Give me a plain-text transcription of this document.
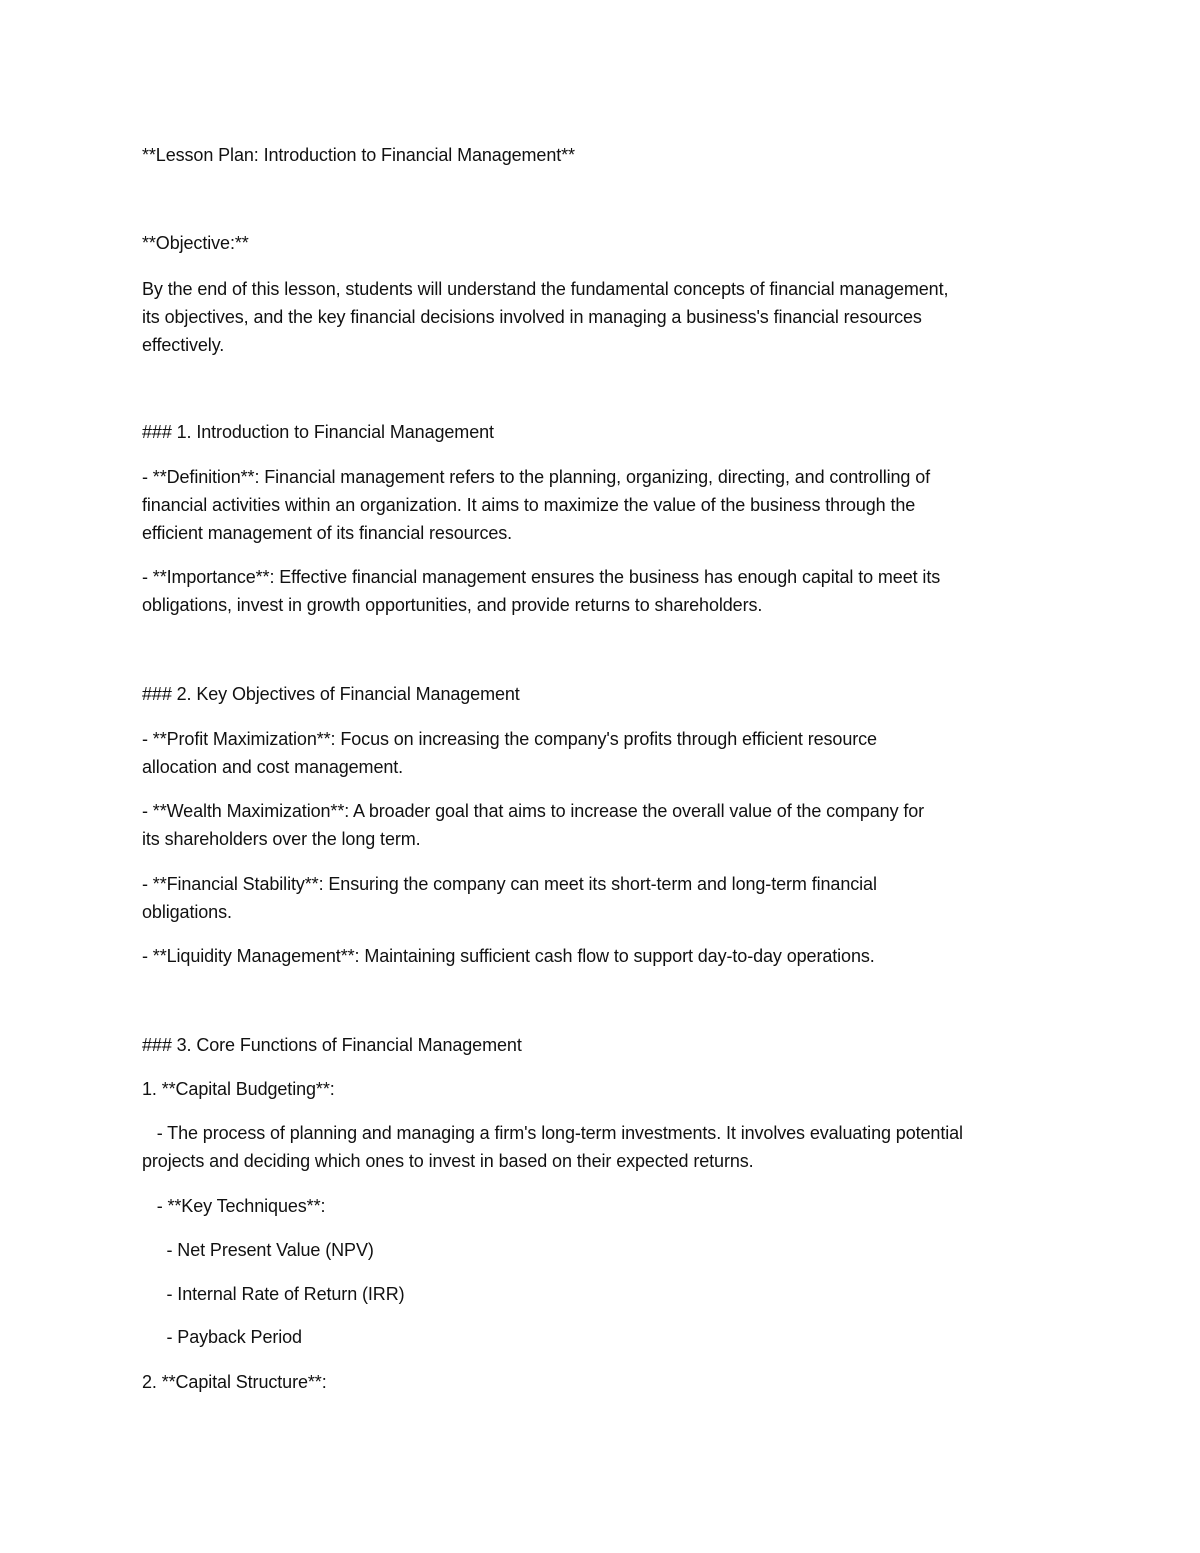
**Lesson Plan: Introduction to Financial Management**
**Objective:**
By the end of this lesson, students will understand the fundamental concepts of financial management,
its objectives, and the key financial decisions involved in managing a business's financial resources
effectively.
### 1. Introduction to Financial Management
- **Definition**: Financial management refers to the planning, organizing, directing, and controlling of
financial activities within an organization. It aims to maximize the value of the business through the
efficient management of its financial resources.
- **Importance**: Effective financial management ensures the business has enough capital to meet its
obligations, invest in growth opportunities, and provide returns to shareholders.
### 2. Key Objectives of Financial Management
- **Profit Maximization**: Focus on increasing the company's profits through efficient resource
allocation and cost management.
- **Wealth Maximization**: A broader goal that aims to increase the overall value of the company for
its shareholders over the long term.
- **Financial Stability**: Ensuring the company can meet its short-term and long-term financial
obligations.
- **Liquidity Management**: Maintaining sufficient cash flow to support day-to-day operations.
### 3. Core Functions of Financial Management
1. **Capital Budgeting**:
- The process of planning and managing a firm's long-term investments. It involves evaluating potential
projects and deciding which ones to invest in based on their expected returns.
- **Key Techniques**:
- Net Present Value (NPV)
- Internal Rate of Return (IRR)
- Payback Period
2. **Capital Structure**:
